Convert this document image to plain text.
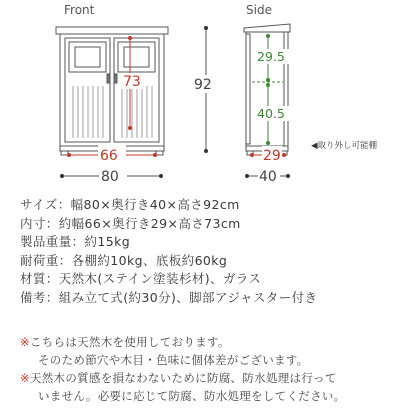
Front	Side
73	92
66
80
29.5
40.5
◀取り外し可能棚
29
40
サイズ：幅80×奥行き40×高さ92cm
内寸：約幅66×奥行き29×高さ73cm
製品重量：約15kg
耐荷重：各棚約10kg、底板約60kg
材質：天然木(ステイン塗装杉材)、ガラス
備考：組み立て式(約30分)、脚部アジャスター付き
※こちらは天然木を使用しております。
そのため節穴や木目・色味に個体差がございます。
※天然木の質感を損なわないために防腐、防水処理は行って
いません。必要に応じて防腐、防水処理をしてください。
